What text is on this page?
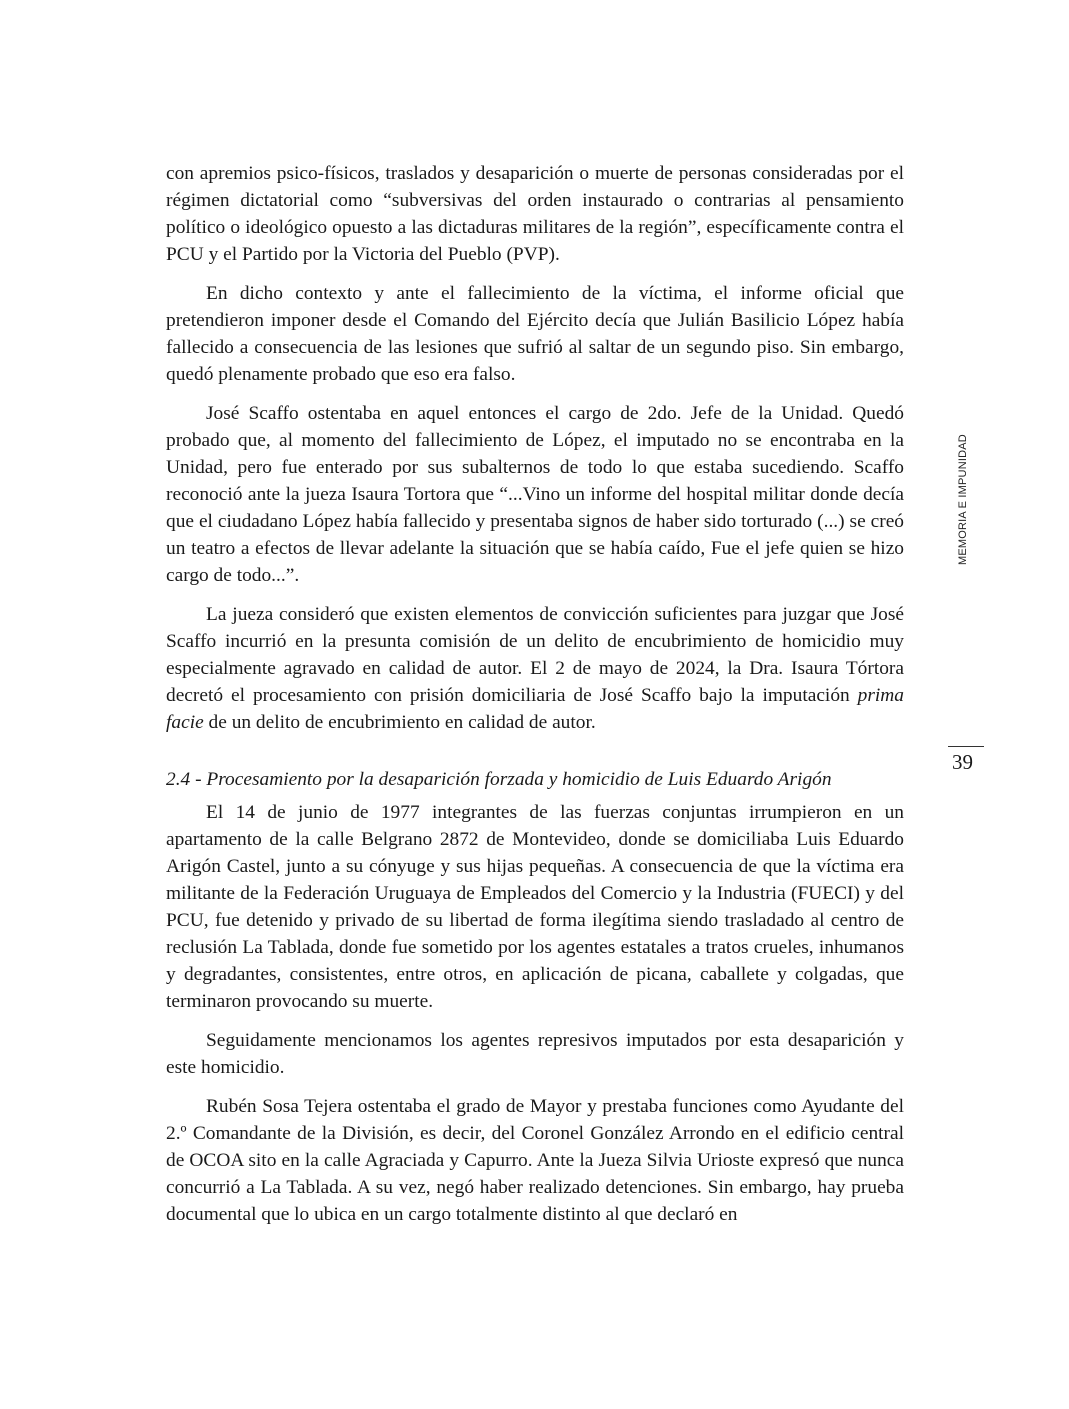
con apremios psico-físicos, traslados y desaparición o muerte de personas consideradas por el régimen dictatorial como “subversivas del orden instaurado o contrarias al pensamiento político o ideológico opuesto a las dictaduras militares de la región”, específicamente contra el PCU y el Partido por la Victoria del Pueblo (PVP).

En dicho contexto y ante el fallecimiento de la víctima, el informe oficial que pretendieron imponer desde el Comando del Ejército decía que Julián Basilicio López había fallecido a consecuencia de las lesiones que sufrió al saltar de un segundo piso. Sin embargo, quedó plenamente probado que eso era falso.

José Scaffo ostentaba en aquel entonces el cargo de 2do. Jefe de la Unidad. Quedó probado que, al momento del fallecimiento de López, el imputado no se encontraba en la Unidad, pero fue enterado por sus subalternos de todo lo que estaba sucediendo. Scaffo reconoció ante la jueza Isaura Tortora que “...Vino un informe del hospital militar donde decía que el ciudadano López había fallecido y presentaba signos de haber sido torturado (...) se creó un teatro a efectos de llevar adelante la situación que se había caído, Fue el jefe quien se hizo cargo de todo...”.

La jueza consideró que existen elementos de convicción suficientes para juzgar que José Scaffo incurrió en la presunta comisión de un delito de encubrimiento de homicidio muy especialmente agravado en calidad de autor. El 2 de mayo de 2024, la Dra. Isaura Tórtora decretó el procesamiento con prisión domiciliaria de José Scaffo bajo la imputación prima facie de un delito de encubrimiento en calidad de autor.

2.4 - Procesamiento por la desaparición forzada y homicidio de Luis Eduardo Arigón

El 14 de junio de 1977 integrantes de las fuerzas conjuntas irrumpieron en un apartamento de la calle Belgrano 2872 de Montevideo, donde se domiciliaba Luis Eduardo Arigón Castel, junto a su cónyuge y sus hijas pequeñas. A consecuencia de que la víctima era militante de la Federación Uruguaya de Empleados del Comercio y la Industria (FUECI) y del PCU, fue detenido y privado de su libertad de forma ilegítima siendo trasladado al centro de reclusión La Tablada, donde fue sometido por los agentes estatales a tratos crueles, inhumanos y degradantes, consistentes, entre otros, en aplicación de picana, caballete y colgadas, que terminaron provocando su muerte.

Seguidamente mencionamos los agentes represivos imputados por esta desaparición y este homicidio.

Rubén Sosa Tejera ostentaba el grado de Mayor y prestaba funciones como Ayudante del 2.º Comandante de la División, es decir, del Coronel González Arrondo en el edificio central de OCOA sito en la calle Agraciada y Capurro. Ante la Jueza Silvia Urioste expresó que nunca concurrió a La Tablada. A su vez, negó haber realizado detenciones. Sin embargo, hay prueba documental que lo ubica en un cargo totalmente distinto al que declaró en

MEMORIA E IMPUNIDAD
39
